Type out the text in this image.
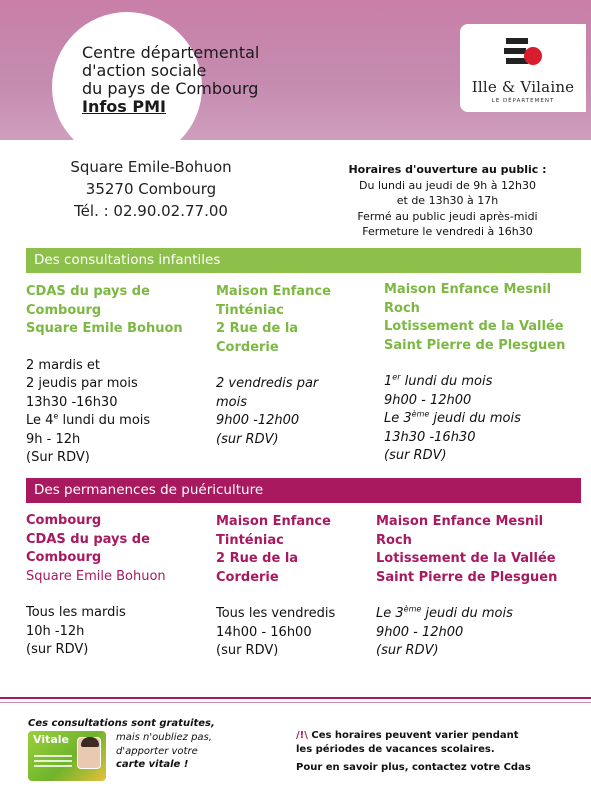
Centre départemental
d'action sociale
du pays de Combourg
Infos PMI
Ille & Vilaine
LE DÉPARTEMENT
Square Emile-Bohuon
35270 Combourg
Tél. : 02.90.02.77.00
Horaires d'ouverture au public :
Du lundi au jeudi de 9h à 12h30
et de 13h30 à 17h
Fermé au public jeudi après-midi
Fermeture le vendredi à 16h30
Des consultations infantiles
CDAS du pays de
Combourg
Square Emile Bohuon
2 mardis et
2 jeudis par mois
13h30 -16h30
Le 4e lundi du mois
9h - 12h
(Sur RDV)
Maison Enfance
Tinténiac
2 Rue de la
Corderie
2 vendredis par
mois
9h00 -12h00
(sur RDV)
Maison Enfance Mesnil
Roch
Lotissement de la Vallée
Saint Pierre de Plesguen
1er lundi du mois
9h00 - 12h00
Le 3ème jeudi du mois
13h30 -16h30
(sur RDV)
Des permanences de puériculture
Combourg
CDAS du pays de
Combourg
Square Emile Bohuon
Tous les mardis
10h -12h
(sur RDV)
Maison Enfance
Tinténiac
2 Rue de la
Corderie
Tous les vendredis
14h00 - 16h00
(sur RDV)
Maison Enfance Mesnil
Roch
Lotissement de la Vallée
Saint Pierre de Plesguen
Le 3ème jeudi du mois
9h00 - 12h00
(sur RDV)
Ces consultations sont gratuites,
Vitale	mais n'oubliez pas,
d'apporter votre
carte vitale !
/!\ Ces horaires peuvent varier pendant
les périodes de vacances scolaires.
Pour en savoir plus, contactez votre Cdas
